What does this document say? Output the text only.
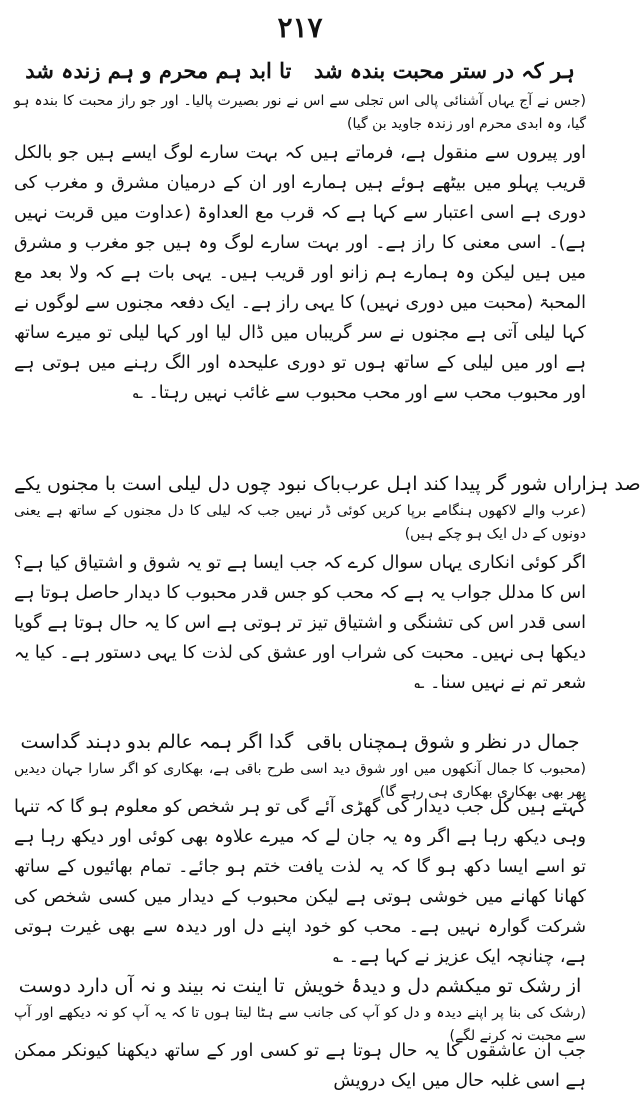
۲۱۷
ہر کہ در ستر محبت بندہ شد
تا ابد ہم محرم و ہم زندہ شد

(جس نے آج یہاں آشنائی پالی اس تجلی سے اس نے نور بصیرت پالیا۔ اور جو راز محبت کا بندہ ہو گیا، وہ ابدی محرم اور زندہ جاوید بن گیا)

اور پیروں سے منقول ہے، فرماتے ہیں کہ بہت سارے لوگ ایسے ہیں جو بالکل قریب پہلو میں بیٹھے ہوئے ہیں ہمارے اور ان کے درمیان مشرق و مغرب کی دوری ہے اسی اعتبار سے کہا ہے کہ قرب مع العداوۃ (عداوت میں قربت نہیں ہے)۔ اسی معنی کا راز ہے۔ اور بہت سارے لوگ وہ ہیں جو مغرب و مشرق میں ہیں لیکن وہ ہمارے ہم زانو اور قریب ہیں۔ یہی بات ہے کہ ولا بعد مع المحبۃ (محبت میں دوری نہیں) کا یہی راز ہے۔ ایک دفعہ مجنوں سے لوگوں نے کہا لیلی آتی ہے مجنوں نے سر گریباں میں ڈال لیا اور کہا لیلی تو میرے ساتھ ہے اور میں لیلی کے ساتھ ہوں تو دوری علیحدہ اور الگ رہنے میں ہوتی ہے اور محبوب محب سے اور محب محبوب سے غائب نہیں رہتا۔ ؎

صد ہزاراں شور گر پیدا کند اہل عرب
باک نبود چوں دل لیلی است با مجنوں یکے

(عرب والے لاکھوں ہنگامے برپا کریں کوئی ڈر نہیں جب کہ لیلی کا دل مجنوں کے ساتھ ہے یعنی دونوں کے دل ایک ہو چکے ہیں)

اگر کوئی انکاری یہاں سوال کرے کہ جب ایسا ہے تو یہ شوق و اشتیاق کیا ہے؟ اس کا مدلل جواب یہ ہے کہ محب کو جس قدر محبوب کا دیدار حاصل ہوتا ہے اسی قدر اس کی تشنگی و اشتیاق تیز تر ہوتی ہے اس کا یہ حال ہوتا ہے گویا دیکھا ہی نہیں۔ محبت کی شراب اور عشق کی لذت کا یہی دستور ہے۔ کیا یہ شعر تم نے نہیں سنا۔ ؎

جمال در نظر و شوق ہمچناں باقی
گدا اگر ہمہ عالم بدو دہند گداست

(محبوب کا جمال آنکھوں میں اور شوق دید اسی طرح باقی ہے، بھکاری کو اگر سارا جہان دیدیں پھر بھی بھکاری بھکاری ہی رہے گا)

کہتے ہیں کل جب دیدار کی گھڑی آئے گی تو ہر شخص کو معلوم ہو گا کہ تنہا وہی دیکھ رہا ہے اگر وہ یہ جان لے کہ میرے علاوہ بھی کوئی اور دیکھ رہا ہے تو اسے ایسا دکھ ہو گا کہ یہ لذت یافت ختم ہو جائے۔ تمام بھائیوں کے ساتھ کھانا کھانے میں خوشی ہوتی ہے لیکن محبوب کے دیدار میں کسی شخص کی شرکت گوارہ نہیں ہے۔ محب کو خود اپنے دل اور دیدہ سے بھی غیرت ہوتی ہے، چنانچہ ایک عزیز نے کہا ہے۔ ؎

از رشک تو میکشم دل و دیدۂ خویش
تا اینت نہ بیند و نہ آں دارد دوست

(رشک کی بنا پر اپنے دیدہ و دل کو آپ کی جانب سے ہٹا لیتا ہوں تا کہ یہ آپ کو نہ دیکھے اور آپ سے محبت نہ کرنے لگے)

جب ان عاشقوں کا یہ حال ہوتا ہے تو کسی اور کے ساتھ دیکھنا کیونکر ممکن ہے اسی غلبہ حال میں ایک درویش
